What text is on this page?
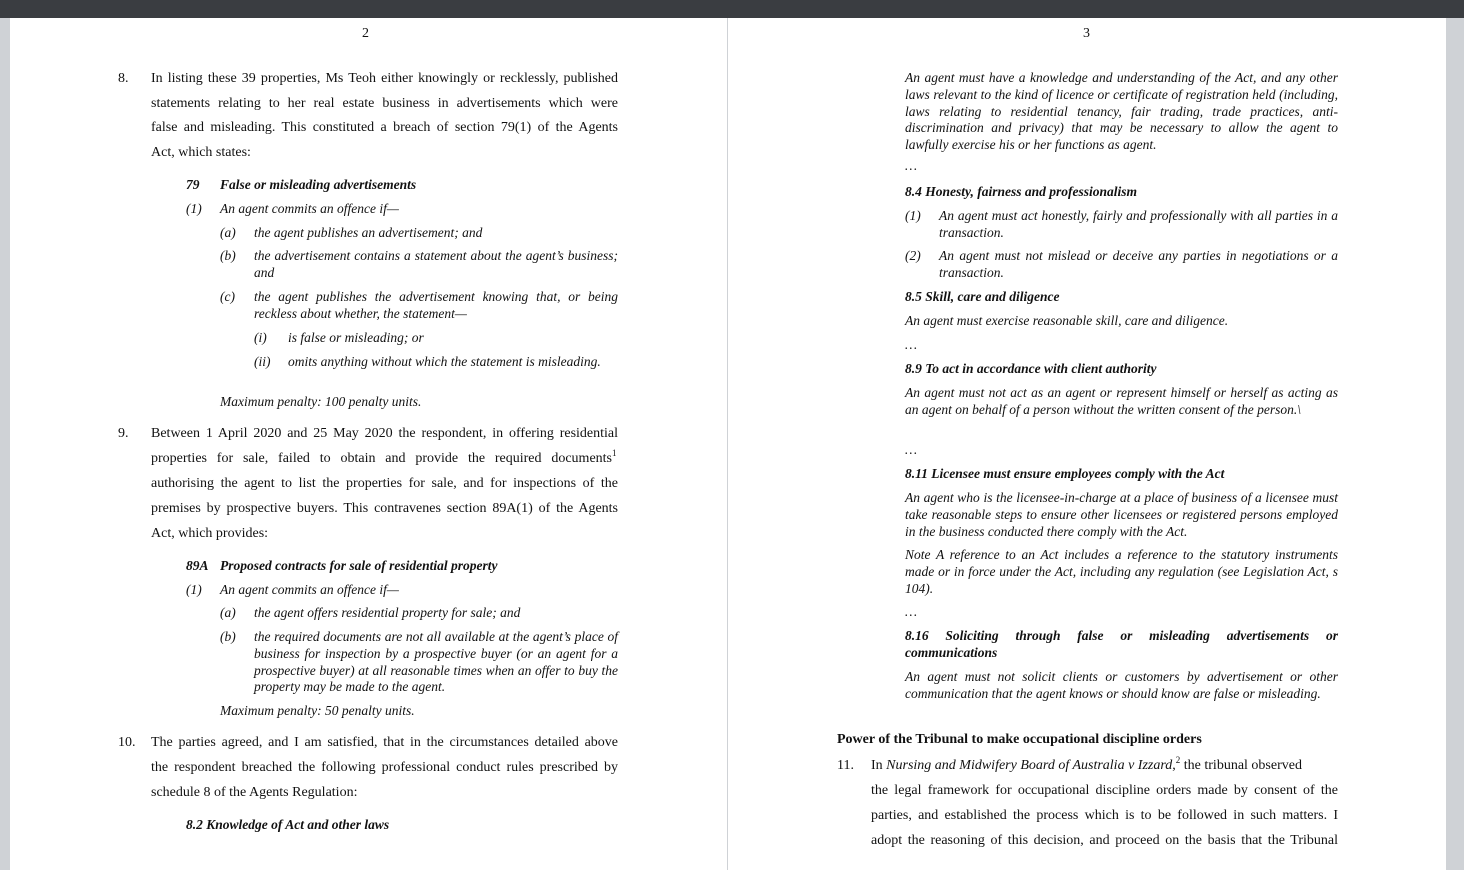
2
8. In listing these 39 properties, Ms Teoh either knowingly or recklessly, published
statements relating to her real estate business in advertisements which were
false and misleading. This constituted a breach of section 79(1) of the Agents
Act, which states:
79 False or misleading advertisements
(1) An agent commits an offence if—
(a) the agent publishes an advertisement; and
(b) the advertisement contains a statement about the agent’s business; and
(c) the agent publishes the advertisement knowing that, or being reckless about whether, the statement—
(i) is false or misleading; or
(ii) omits anything without which the statement is misleading.
Maximum penalty: 100 penalty units.
9. Between 1 April 2020 and 25 May 2020 the respondent, in offering residential
properties for sale, failed to obtain and provide the required documents$^1$
authorising the agent to list the properties for sale, and for inspections of the
premises by prospective buyers. This contravenes section 89A(1) of the Agents
Act, which provides:
89A Proposed contracts for sale of residential property
(1) An agent commits an offence if—
(a) the agent offers residential property for sale; and
(b) the required documents are not all available at the agent’s place of business for inspection by a prospective buyer (or an agent for a prospective buyer) at all reasonable times when an offer to buy the property may be made to the agent.
Maximum penalty: 50 penalty units.
10. The parties agreed, and I am satisfied, that in the circumstances detailed above
the respondent breached the following professional conduct rules prescribed by
schedule 8 of the Agents Regulation:
8.2 Knowledge of Act and other laws
3
An agent must have a knowledge and understanding of the Act, and any other laws relevant to the kind of licence or certificate of registration held (including, laws relating to residential tenancy, fair trading, trade practices, anti-discrimination and privacy) that may be necessary to allow the agent to lawfully exercise his or her functions as agent.
…
8.4 Honesty, fairness and professionalism
(1) An agent must act honestly, fairly and professionally with all parties in a transaction.
(2) An agent must not mislead or deceive any parties in negotiations or a transaction.
8.5 Skill, care and diligence
An agent must exercise reasonable skill, care and diligence.
…
8.9 To act in accordance with client authority
An agent must not act as an agent or represent himself or herself as acting as an agent on behalf of a person without the written consent of the person.\
…
8.11 Licensee must ensure employees comply with the Act
An agent who is the licensee-in-charge at a place of business of a licensee must take reasonable steps to ensure other licensees or registered persons employed in the business conducted there comply with the Act.
Note A reference to an Act includes a reference to the statutory instruments made or in force under the Act, including any regulation (see Legislation Act, s 104).
…
8.16 Soliciting through false or misleading advertisements or communications
An agent must not solicit clients or customers by advertisement or other communication that the agent knows or should know are false or misleading.
Power of the Tribunal to make occupational discipline orders
11. In Nursing and Midwifery Board of Australia v Izzard,$^2$ the tribunal observed
the legal framework for occupational discipline orders made by consent of the
parties, and established the process which is to be followed in such matters. I
adopt the reasoning of this decision, and proceed on the basis that the Tribunal
